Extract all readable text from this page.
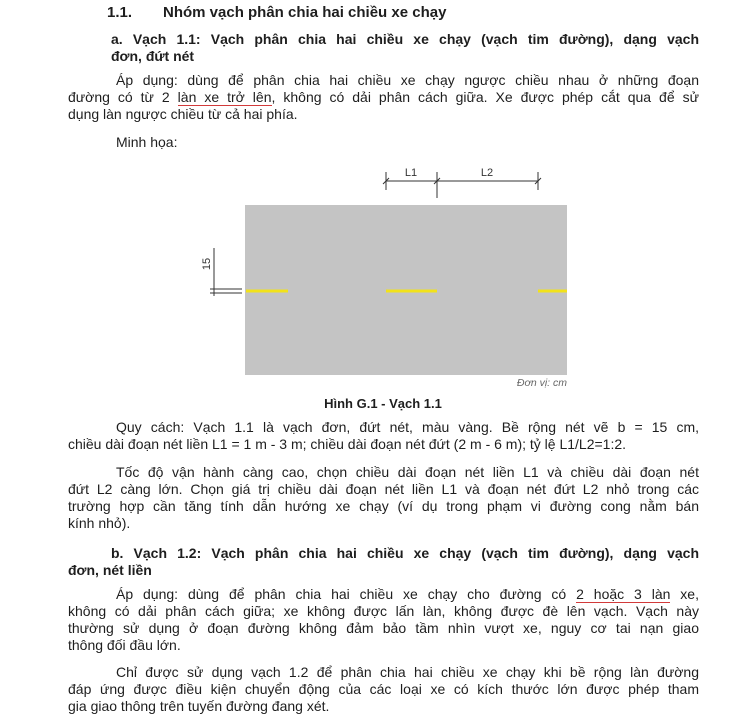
1.1. Nhóm vạch phân chia hai chiều xe chạy
a. Vạch 1.1: Vạch phân chia hai chiều xe chạy (vạch tim đường), dạng vạch
đơn, đứt nét
Áp dụng: dùng để phân chia hai chiều xe chạy ngược chiều nhau ở những đoạn
đường có từ 2 làn xe trở lên, không có dải phân cách giữa. Xe được phép cắt qua để sử
dụng làn ngược chiều từ cả hai phía.
Minh họa:
L1	L2
15
Đơn vị: cm
Hình G.1 - Vạch 1.1
Quy cách: Vạch 1.1 là vạch đơn, đứt nét, màu vàng. Bề rộng nét vẽ b = 15 cm,
chiều dài đoạn nét liền L1 = 1 m - 3 m; chiều dài đoạn nét đứt (2 m - 6 m); tỷ lệ L1/L2=1:2.
Tốc độ vận hành càng cao, chọn chiều dài đoạn nét liền L1 và chiều dài đoạn nét
đứt L2 càng lớn. Chọn giá trị chiều dài đoạn nét liền L1 và đoạn nét đứt L2 nhỏ trong các
trường hợp cần tăng tính dẫn hướng xe chạy (ví dụ trong phạm vi đường cong nằm bán
kính nhỏ).
b. Vạch 1.2: Vạch phân chia hai chiều xe chạy (vạch tim đường), dạng vạch
đơn, nét liền
Áp dụng: dùng để phân chia hai chiều xe chạy cho đường có 2 hoặc 3 làn xe,
không có dải phân cách giữa; xe không được lấn làn, không được đè lên vạch. Vạch này
thường sử dụng ở đoạn đường không đảm bảo tầm nhìn vượt xe, nguy cơ tai nạn giao
thông đối đầu lớn.
Chỉ được sử dụng vạch 1.2 để phân chia hai chiều xe chạy khi bề rộng làn đường
đáp ứng được điều kiện chuyển động của các loại xe có kích thước lớn được phép tham
gia giao thông trên tuyến đường đang xét.
